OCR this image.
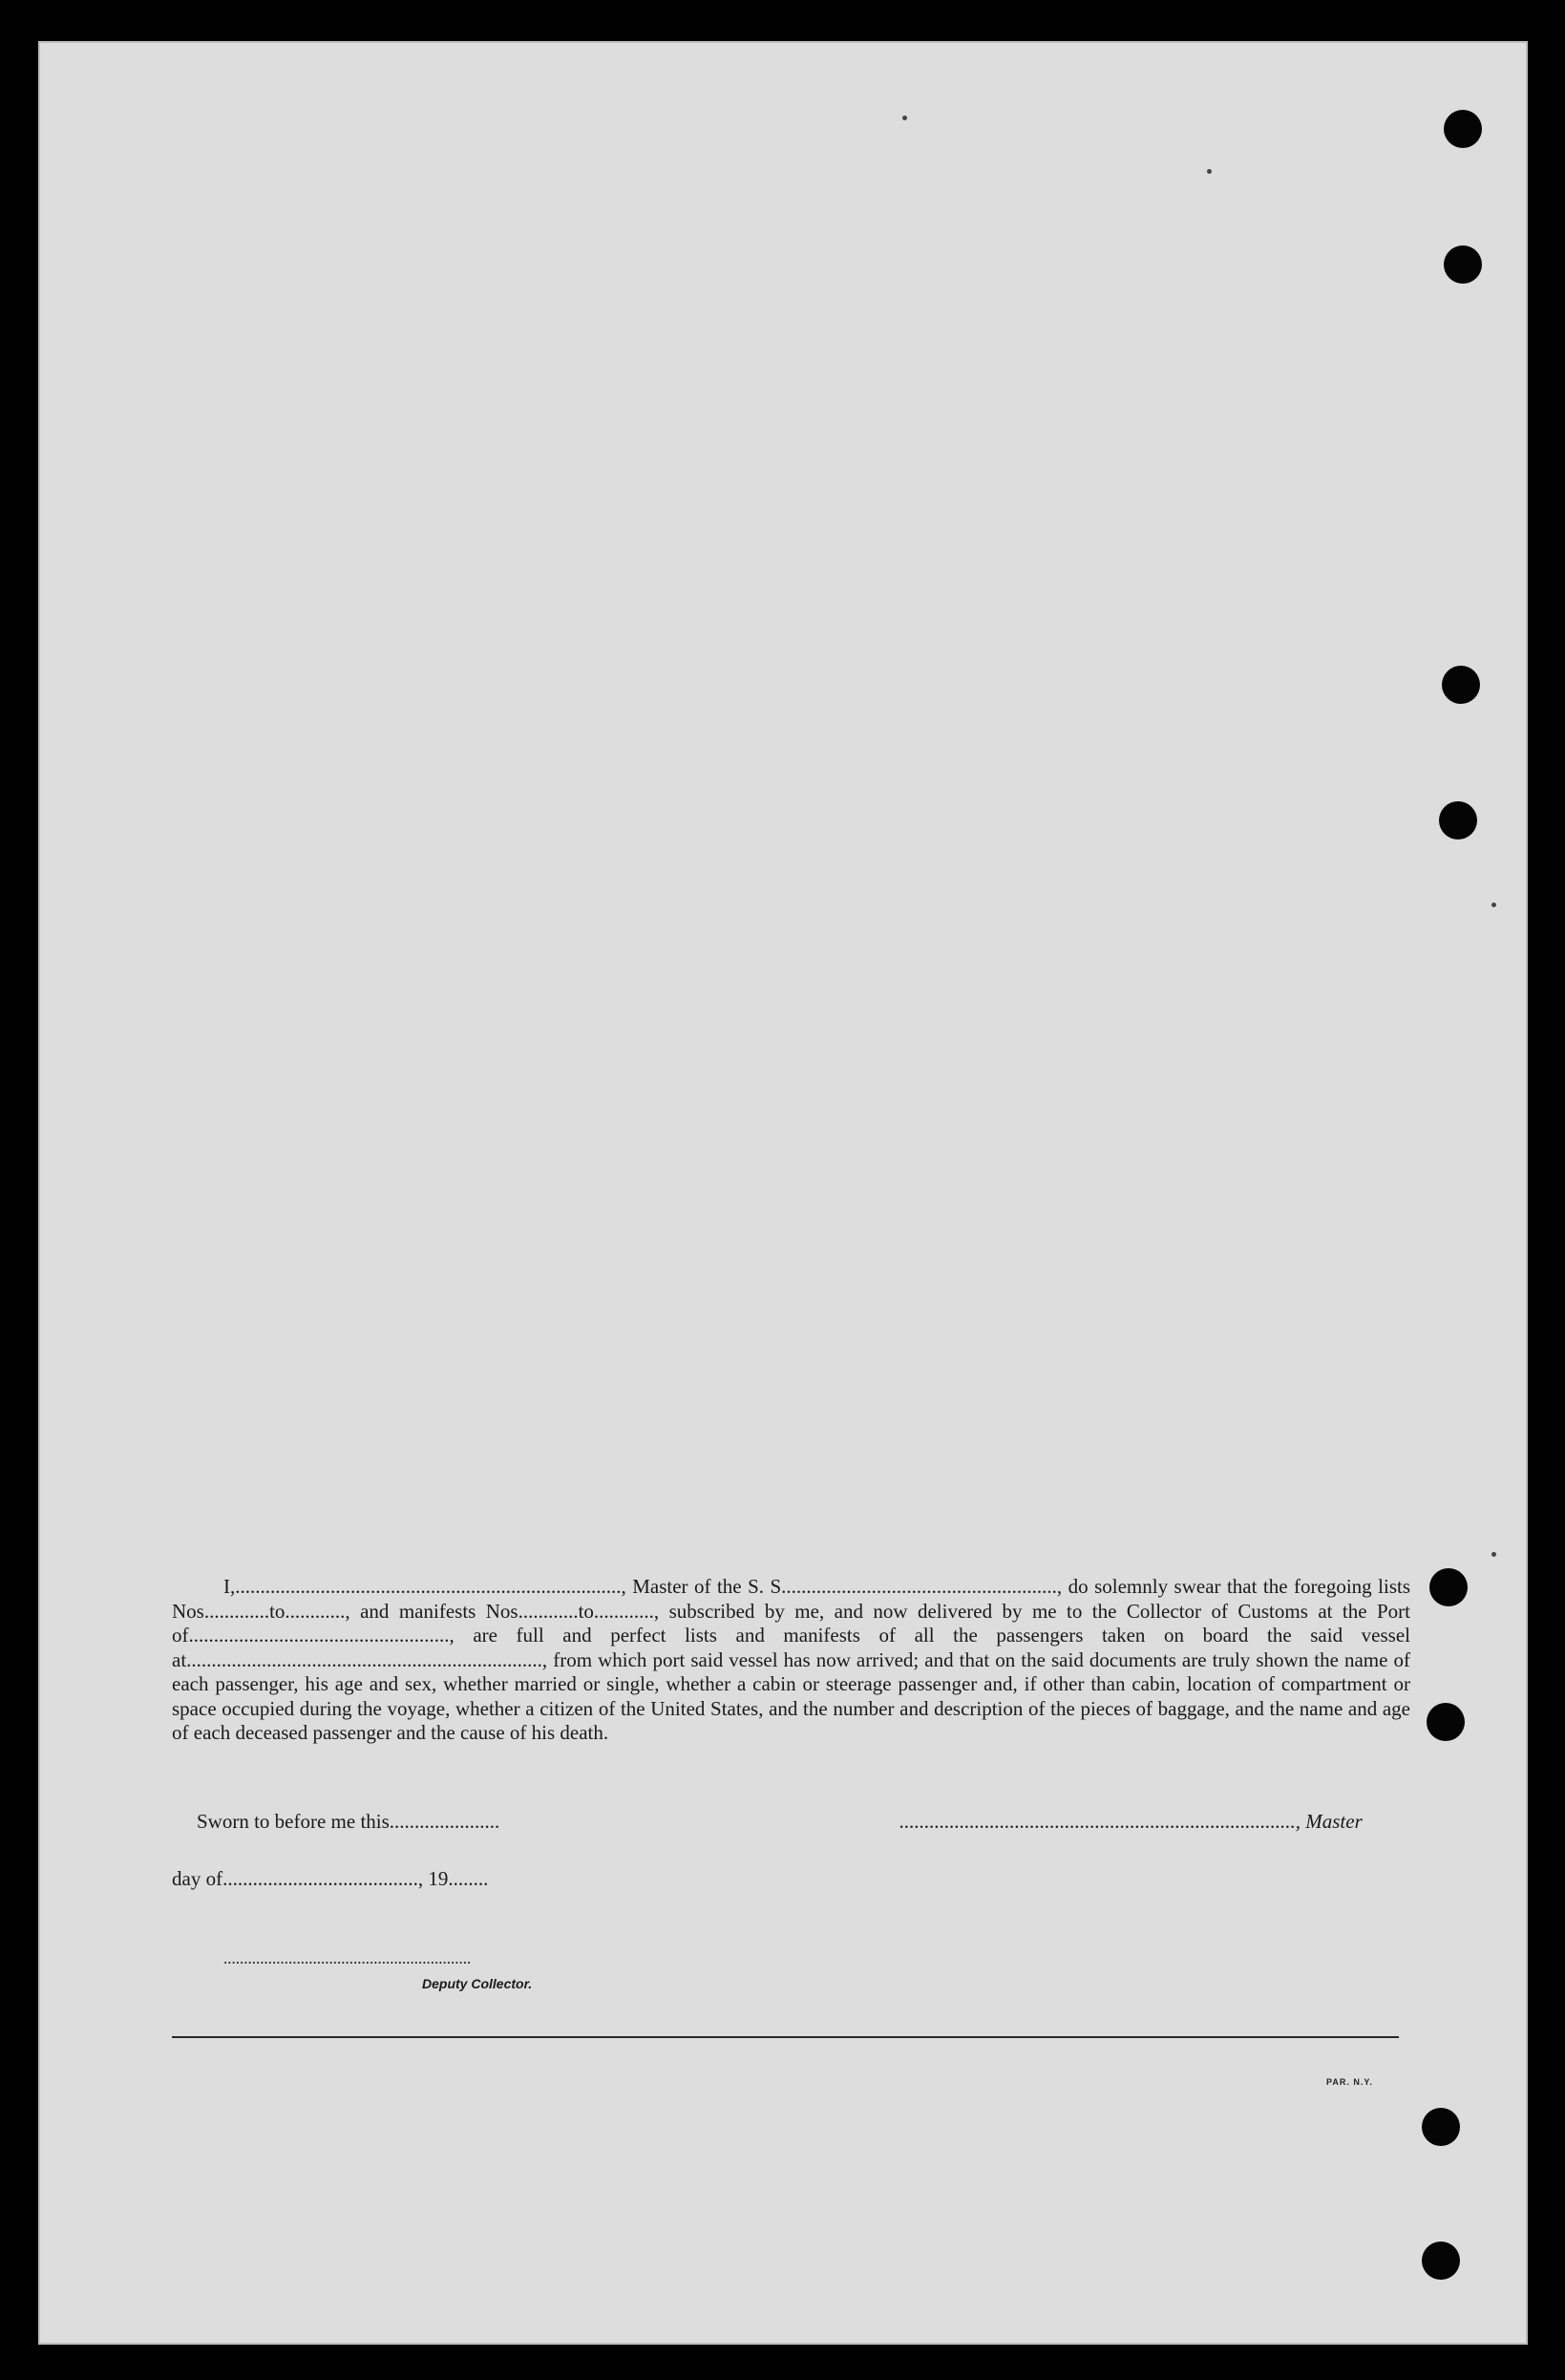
I,............................................................................., Master of the S. S......................................................., do solemnly swear that the foregoing lists Nos.............to............, and manifests Nos............to............, subscribed by me, and now delivered by me to the Collector of Customs at the Port of...................................................., are full and perfect lists and manifests of all the passengers taken on board the said vessel at......................................................................., from which port said vessel has now arrived; and that on the said documents are truly shown the name of each passenger, his age and sex, whether married or single, whether a cabin or steerage passenger and, if other than cabin, location of compartment or space occupied during the voyage, whether a citizen of the United States, and the number and description of the pieces of baggage, and the name and age of each deceased passenger and the cause of his death.

Sworn to before me this......................	..............................................................................., Master
day of......................................., 19........
.............................................................
Deputy Collector.
PAR. N.Y.
